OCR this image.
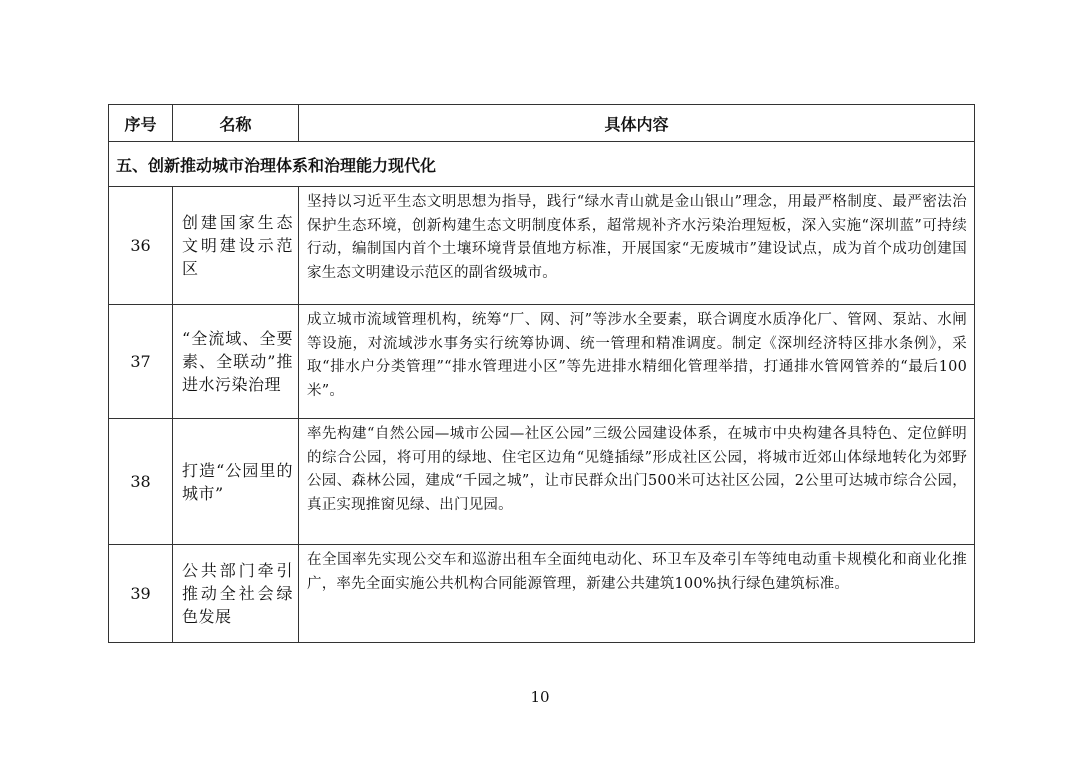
序号	名称	具体内容
五、创新推动城市治理体系和治理能力现代化		
36	创建国家生态文明建设示范区	坚持以习近平生态文明思想为指导，践行“绿水青山就是金山银山”理念，用最严格制度、最严密法治保护生态环境，创新构建生态文明制度体系，超常规补齐水污染治理短板，深入实施“深圳蓝”可持续行动，编制国内首个土壤环境背景值地方标准，开展国家“无废城市”建设试点，成为首个成功创建国家生态文明建设示范区的副省级城市。
37	“全流域、全要素、全联动”推进水污染治理	成立城市流域管理机构，统筹“厂、网、河”等涉水全要素，联合调度水质净化厂、管网、泵站、水闸等设施，对流域涉水事务实行统筹协调、统一管理和精准调度。制定《深圳经济特区排水条例》，采取“排水户分类管理”“排水管理进小区”等先进排水精细化管理举措，打通排水管网管养的“最后100米”。
38	打造“公园里的城市”	率先构建“自然公园—城市公园—社区公园”三级公园建设体系，在城市中央构建各具特色、定位鲜明的综合公园，将可用的绿地、住宅区边角“见缝插绿”形成社区公园，将城市近郊山体绿地转化为郊野公园、森林公园，建成“千园之城”，让市民群众出门500米可达社区公园，2公里可达城市综合公园，真正实现推窗见绿、出门见园。
39	公共部门牵引推动全社会绿色发展	在全国率先实现公交车和巡游出租车全面纯电动化、环卫车及牵引车等纯电动重卡规模化和商业化推广，率先全面实施公共机构合同能源管理，新建公共建筑100%执行绿色建筑标准。
10
